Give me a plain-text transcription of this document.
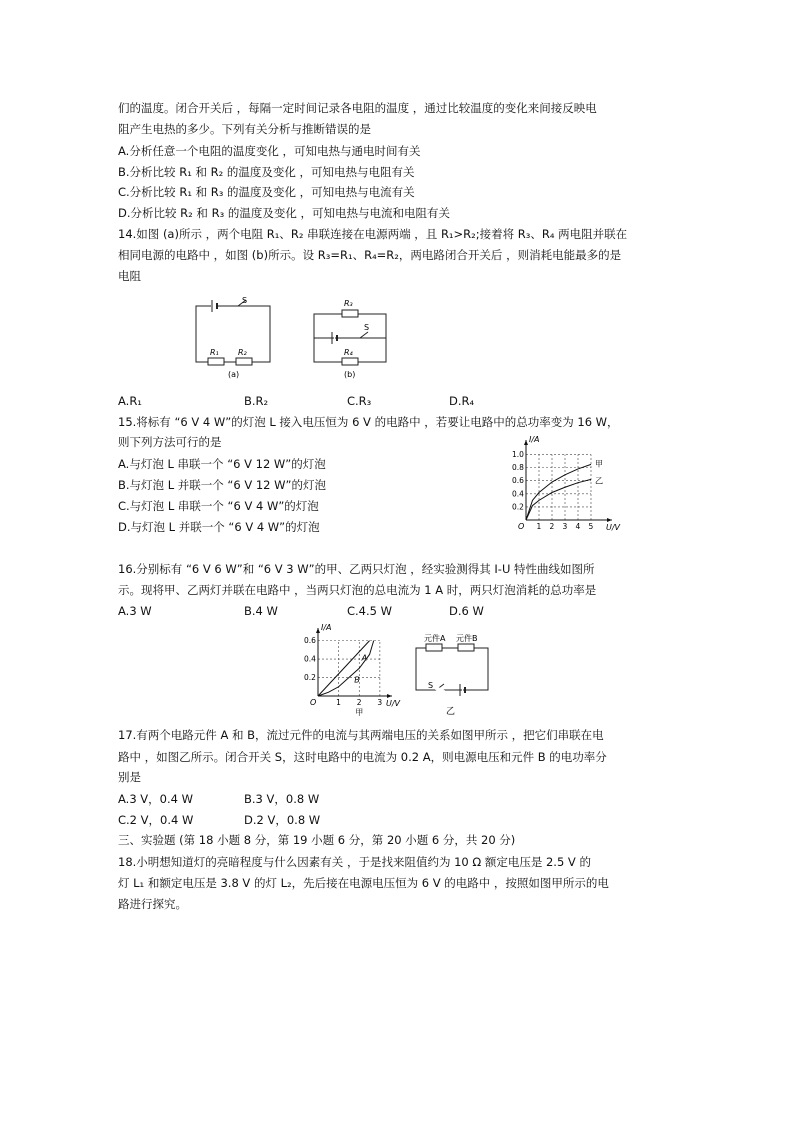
们的温度。闭合开关后 ，每隔一定时间记录各电阻的温度 ，通过比较温度的变化来间接反映电
阻产生电热的多少。下列有关分析与推断错误的是
A.分析任意一个电阻的温度变化 ，可知电热与通电时间有关
B.分析比较 R₁ 和 R₂ 的温度及变化 ，可知电热与电阻有关
C.分析比较 R₁ 和 R₃ 的温度及变化 ，可知电热与电流有关
D.分析比较 R₂ 和 R₃ 的温度及变化 ，可知电热与电流和电阻有关
14.如图 (a)所示 ，两个电阻 R₁、R₂ 串联连接在电源两端 ，且 R₁>R₂;接着将 R₃、R₄ 两电阻并联在
相同电源的电路中 ，如图 (b)所示。设 R₃=R₁、R₄=R₂，两电路闭合开关后 ，则消耗电能最多的是
电阻
S
R₁ R₂
(a)
R₃
S
R₄
(b)
A.R₁	B.R₂	C.R₃	D.R₄
15.将标有 “6 V 4 W”的灯泡 L 接入电压恒为 6 V 的电路中 ，若要让电路中的总功率变为 16 W，
则下列方法可行的是
A.与灯泡 L 串联一个 “6 V 12 W”的灯泡
B.与灯泡 L 并联一个 “6 V 12 W”的灯泡
C.与灯泡 L 串联一个 “6 V 4 W”的灯泡
D.与灯泡 L 并联一个 “6 V 4 W”的灯泡	1 2 3 4 5
0.2
0.4
0.6
0.8
1.0
O
I/A
U/V
甲
乙
16.分别标有 “6 V 6 W”和 “6 V 3 W”的甲、乙两只灯泡 ，经实验测得其 I-U 特性曲线如图所
示。现将甲、乙两灯并联在电路中 ，当两只灯泡的总电流为 1 A 时，两只灯泡消耗的总功率是
A.3 W	B.4 W	C.4.5 W	D.6 W
1 2 3
0.2
0.4
0.6
O
I/A
U/V
A
B
甲
元件A 元件B
S
乙
17.有两个电路元件 A 和 B，流过元件的电流与其两端电压的关系如图甲所示 ，把它们串联在电
路中 ，如图乙所示。闭合开关 S，这时电路中的电流为 0.2 A，则电源电压和元件 B 的电功率分
别是
A.3 V，0.4 W	B.3 V，0.8 W
C.2 V，0.4 W	D.2 V，0.8 W
三、实验题 (第 18 小题 8 分，第 19 小题 6 分，第 20 小题 6 分，共 20 分)
18.小明想知道灯的亮暗程度与什么因素有关 ，于是找来阻值约为 10 Ω 额定电压是 2.5 V 的
灯 L₁ 和额定电压是 3.8 V 的灯 L₂，先后接在电源电压恒为 6 V 的电路中 ，按照如图甲所示的电
路进行探究。
